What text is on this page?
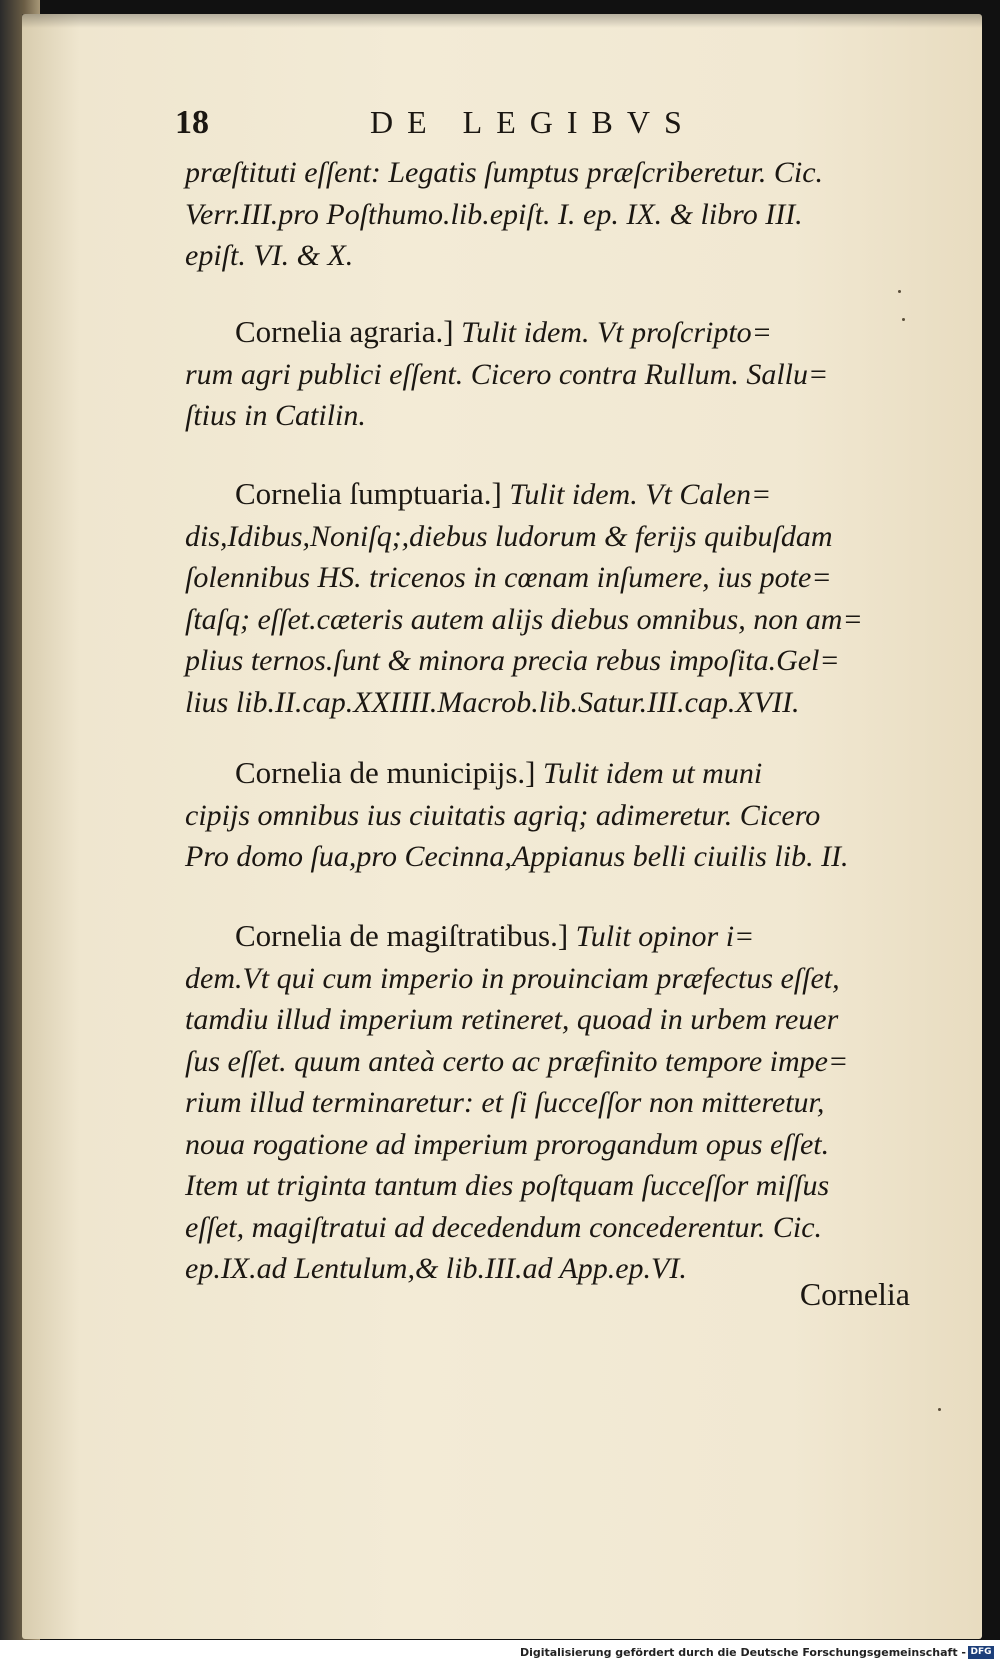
18	DE LEGIBVS
præſtituti eſſent: Legatis ſumptus præſcriberetur. Cic.
Verr.III.pro Poſthumo.lib.epiſt. I. ep. IX. & libro III.
epiſt. VI. & X.
Cornelia agraria.] Tulit idem. Vt proſcripto=
rum agri publici eſſent. Cicero contra Rullum. Sallu=
ſtius in Catilin.
Cornelia ſumptuaria.] Tulit idem. Vt Calen=
dis,Idibus,Noniſq;,diebus ludorum & ferijs quibuſdam
ſolennibus HS. tricenos in cœnam inſumere, ius pote=
ſtaſq; eſſet.cæteris autem alijs diebus omnibus, non am=
plius ternos.ſunt & minora precia rebus impoſita.Gel=
lius lib.II.cap.XXIIII.Macrob.lib.Satur.III.cap.XVII.
Cornelia de municipijs.] Tulit idem ut muni
cipijs omnibus ius ciuitatis agriq; adimeretur. Cicero
Pro domo ſua,pro Cecinna,Appianus belli ciuilis lib. II.
Cornelia de magiſtratibus.] Tulit opinor i=
dem.Vt qui cum imperio in prouinciam præfectus eſſet,
tamdiu illud imperium retineret, quoad in urbem reuer
ſus eſſet. quum anteà certo ac præfinito tempore impe=
rium illud terminaretur: et ſi ſucceſſor non mitteretur,
noua rogatione ad imperium prorogandum opus eſſet.
Item ut triginta tantum dies poſtquam ſucceſſor miſſus
eſſet, magiſtratui ad decedendum concederentur. Cic.
ep.IX.ad Lentulum,& lib.III.ad App.ep.VI.
Cornelia
Digitalisierung gefördert durch die Deutsche Forschungsgemeinschaft - DFG
